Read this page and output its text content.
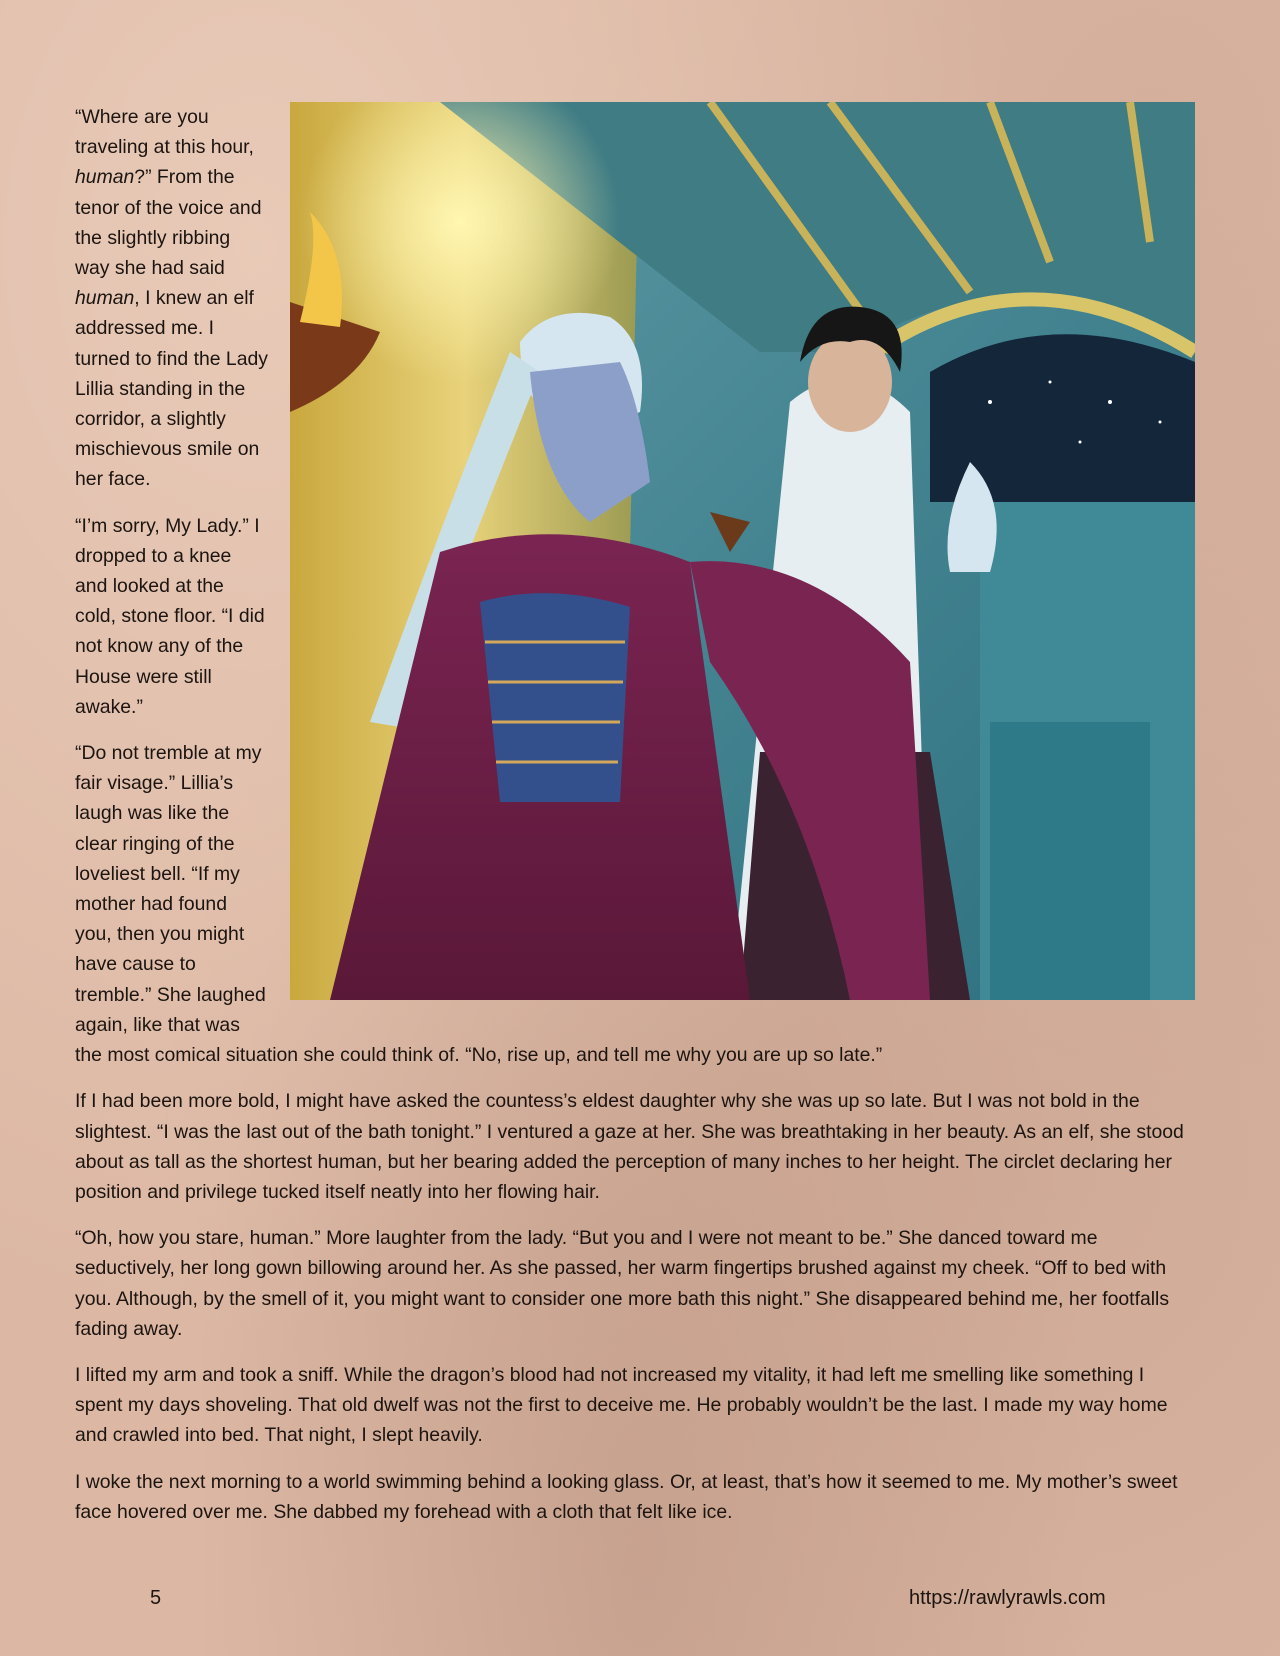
“Where are you traveling at this hour, human?” From the tenor of the voice and the slightly ribbing way she had said human, I knew an elf addressed me. I turned to find the Lady Lillia standing in the corridor, a slightly mischievous smile on her face.

“I’m sorry, My Lady.” I dropped to a knee and looked at the cold, stone floor. “I did not know any of the House were still awake.”

“Do not tremble at my fair visage.” Lillia’s laugh was like the clear ringing of the loveliest bell. “If my mother had found you, then you might have cause to tremble.” She laughed again, like that was the most comical situation she could think of. “No, rise up, and tell me why you are up so late.”

If I had been more bold, I might have asked the countess’s eldest daughter why she was up so late. But I was not bold in the slightest. “I was the last out of the bath tonight.” I ventured a gaze at her. She was breathtaking in her beauty. As an elf, she stood about as tall as the shortest human, but her bearing added the perception of many inches to her height. The circlet declaring her position and privilege tucked itself neatly into her flowing hair.

“Oh, how you stare, human.” More laughter from the lady. “But you and I were not meant to be.” She danced toward me seductively, her long gown billowing around her. As she passed, her warm fingertips brushed against my cheek. “Off to bed with you. Although, by the smell of it, you might want to consider one more bath this night.” She disappeared behind me, her footfalls fading away.

I lifted my arm and took a sniff. While the dragon’s blood had not increased my vitality, it had left me smelling like something I spent my days shoveling. That old dwelf was not the first to deceive me. He probably wouldn’t be the last. I made my way home and crawled into bed. That night, I slept heavily.

I woke the next morning to a world swimming behind a looking glass. Or, at least, that’s how it seemed to me. My mother’s sweet face hovered over me. She dabbed my forehead with a cloth that felt like ice.

5	https://rawlyrawls.com
